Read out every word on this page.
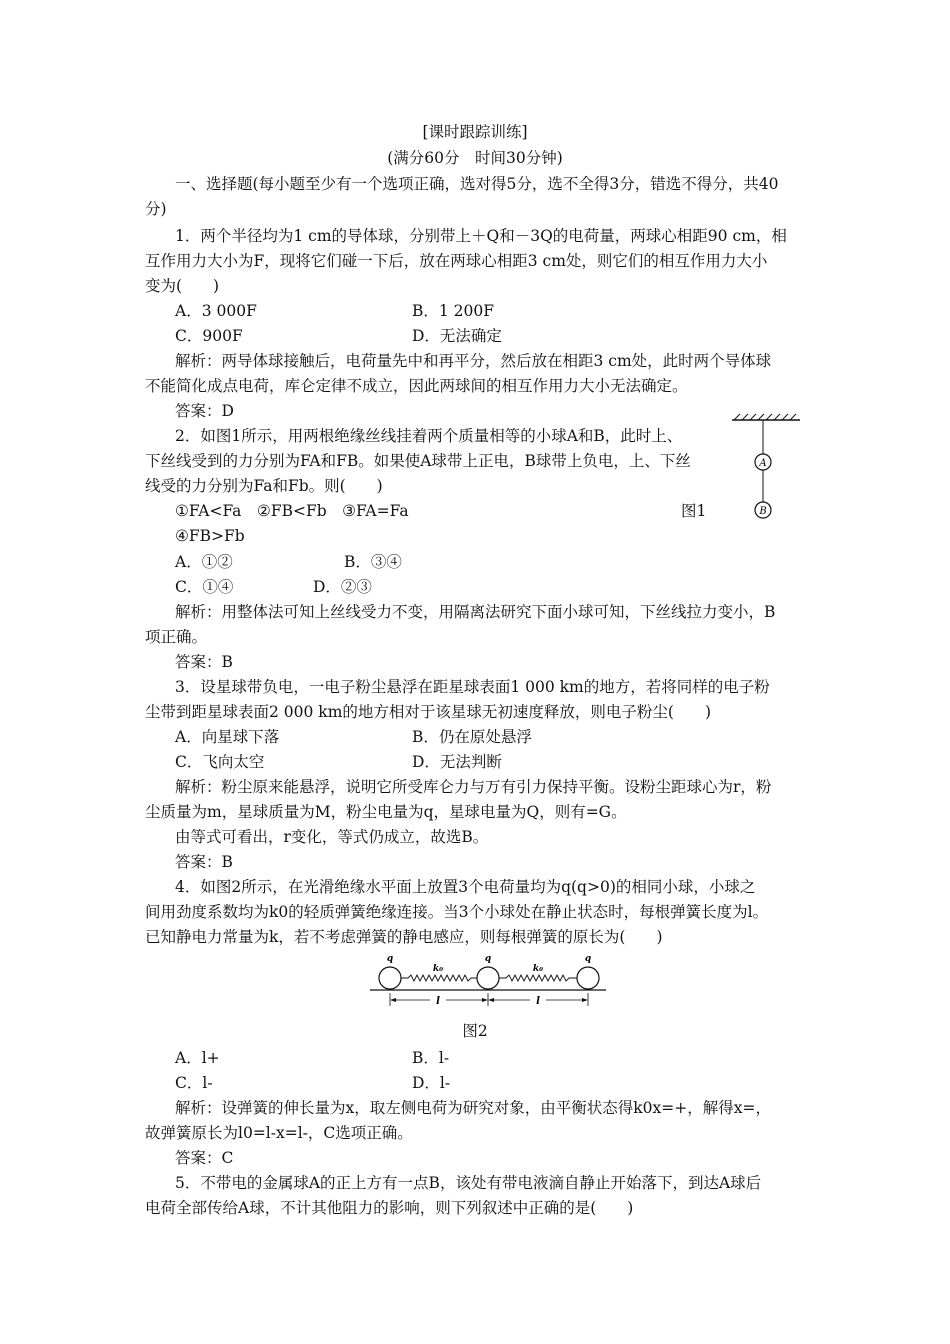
[课时跟踪训练]
(满分60分　时间30分钟)
一、选择题(每小题至少有一个选项正确，选对得5分，选不全得3分，错选不得分，共40
分)
1．两个半径均为1 cm的导体球，分别带上＋Q和－3Q的电荷量，两球心相距90 cm，相
互作用力大小为F，现将它们碰一下后，放在两球心相距3 cm处，则它们的相互作用力大小
变为(　　)
A．3 000F	B．1 200F
C．900F	D．无法确定
解析：两导体球接触后，电荷量先中和再平分，然后放在相距3 cm处，此时两个导体球
不能简化成点电荷，库仑定律不成立，因此两球间的相互作用力大小无法确定。
答案：D
2．如图1所示，用两根绝缘丝线挂着两个质量相等的小球A和B，此时上、
下丝线受到的力分别为FA和FB。如果使A球带上正电，B球带上负电，上、下丝
线受的力分别为Fa和Fb。则(　　)
①FA<Fa　②FB<Fb　③FA=Fa	图1
④FB>Fb
A
B
A．①②	B．③④
C．①④	D．②③
解析：用整体法可知上丝线受力不变，用隔离法研究下面小球可知，下丝线拉力变小，B
项正确。
答案：B
3．设星球带负电，一电子粉尘悬浮在距星球表面1 000 km的地方，若将同样的电子粉
尘带到距星球表面2 000 km的地方相对于该星球无初速度释放，则电子粉尘(　　)
A．向星球下落	B．仍在原处悬浮
C．飞向太空	D．无法判断
解析：粉尘原来能悬浮，说明它所受库仑力与万有引力保持平衡。设粉尘距球心为r，粉
尘质量为m，星球质量为M，粉尘电量为q，星球电量为Q，则有=G。
由等式可看出，r变化，等式仍成立，故选B。
答案：B
4．如图2所示，在光滑绝缘水平面上放置3个电荷量均为q(q>0)的相同小球，小球之
间用劲度系数均为k0的轻质弹簧绝缘连接。当3个小球处在静止状态时，每根弹簧长度为l。
已知静电力常量为k，若不考虑弹簧的静电感应，则每根弹簧的原长为(　　)
q	q	q
k₀	k₀
l	l
图2
A．l+	B．l-
C．l-	D．l-
解析：设弹簧的伸长量为x，取左侧电荷为研究对象，由平衡状态得k0x=+，解得x=，
故弹簧原长为l0=l-x=l-，C选项正确。
答案：C
5．不带电的金属球A的正上方有一点B，该处有带电液滴自静止开始落下，到达A球后
电荷全部传给A球，不计其他阻力的影响，则下列叙述中正确的是(　　)
